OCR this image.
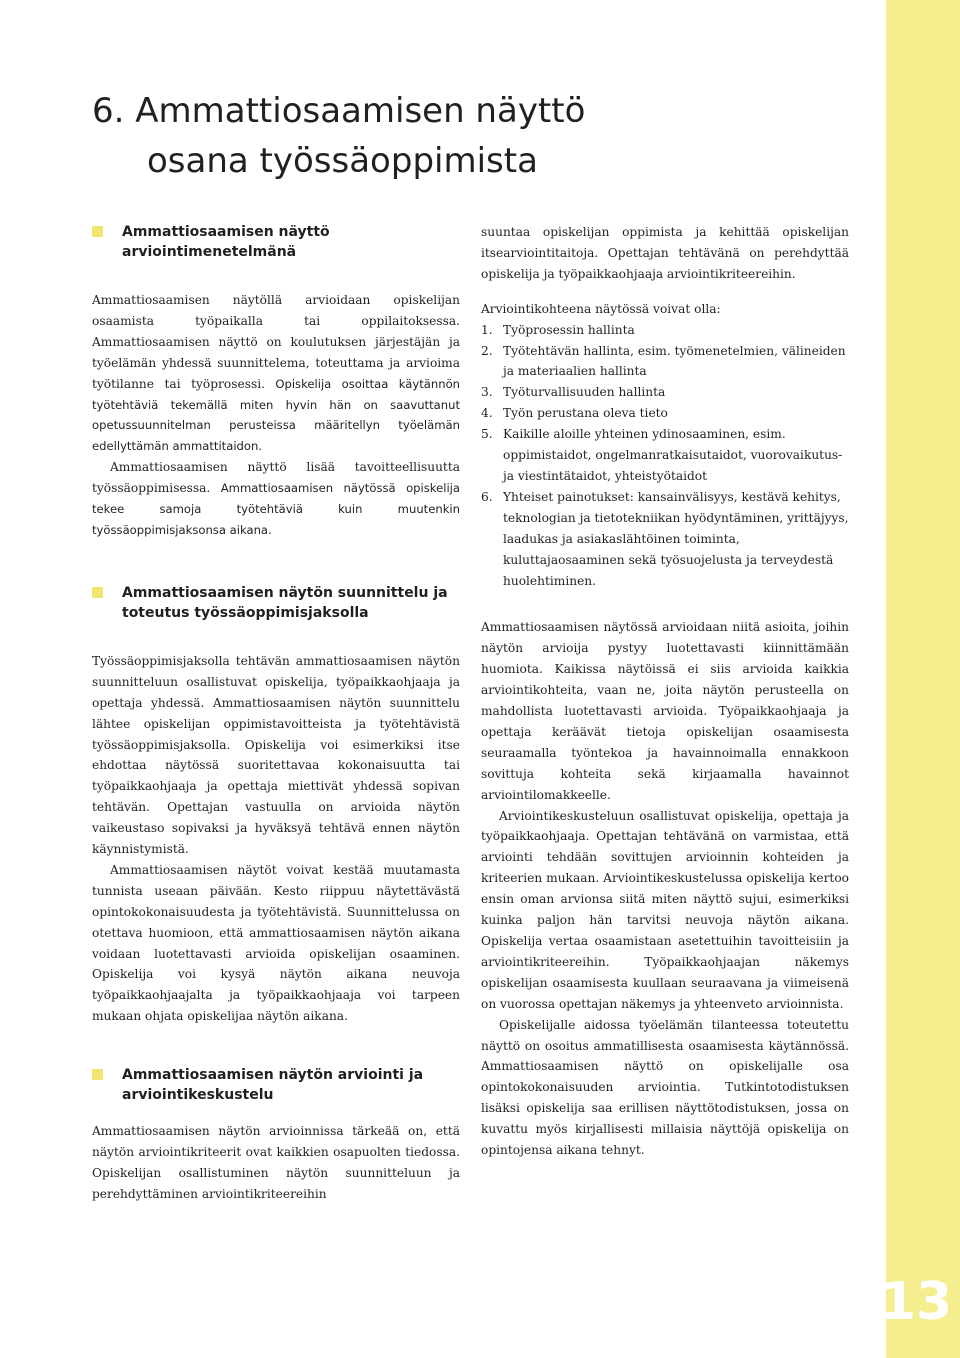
13
6. Ammattiosaamisen näyttö
osana työssäoppimista
Ammattiosaamisen näyttö
arviointimenetelmänä

Ammattiosaamisen näytöllä arvioidaan opiskelijan osaamista työpaikalla tai oppilaitoksessa. Ammattiosaamisen näyttö on koulutuksen järjestäjän ja työelämän yhdessä suunnittelema, toteuttama ja arvioima työtilanne tai työprosessi. Opiskelija osoittaa käytännön työtehtäviä tekemällä miten hyvin hän on saavuttanut opetussuunnitelman perusteissa määritellyn työelämän edellyttämän ammattitaidon.

Ammattiosaamisen näyttö lisää tavoitteellisuutta työssäoppimisessa. Ammattiosaamisen näytössä opiskelija tekee samoja työtehtäviä kuin muutenkin työssäoppimisjaksonsa aikana.

Ammattiosaamisen näytön suunnittelu ja
toteutus työssäoppimisjaksolla

Työssäoppimisjaksolla tehtävän ammattiosaamisen näytön suunnitteluun osallistuvat opiskelija, työpaikkaohjaaja ja opettaja yhdessä. Ammattiosaamisen näytön suunnittelu lähtee opiskelijan oppimistavoitteista ja työtehtävistä työssäoppimisjaksolla. Opiskelija voi esimerkiksi itse ehdottaa näytössä suoritettavaa kokonaisuutta tai työpaikkaohjaaja ja opettaja miettivät yhdessä sopivan tehtävän. Opettajan vastuulla on arvioida näytön vaikeustaso sopivaksi ja hyväksyä tehtävä ennen näytön käynnistymistä.

Ammattiosaamisen näytöt voivat kestää muutamasta tunnista useaan päivään. Kesto riippuu näytettävästä opintokokonaisuudesta ja työtehtävistä. Suunnittelussa on otettava huomioon, että ammattiosaamisen näytön aikana voidaan luotettavasti arvioida opiskelijan osaaminen. Opiskelija voi kysyä näytön aikana neuvoja työpaikkaohjaajalta ja työpaikkaohjaaja voi tarpeen mukaan ohjata opiskelijaa näytön aikana.

Ammattiosaamisen näytön arviointi ja
arviointikeskustelu

Ammattiosaamisen näytön arvioinnissa tärkeää on, että näytön arviointikriteerit ovat kaikkien osapuolten tiedossa. Opiskelijan osallistuminen näytön suunnitteluun ja perehdyttäminen arviointikriteereihin

suuntaa opiskelijan oppimista ja kehittää opiskelijan itsearviointitaitoja. Opettajan tehtävänä on perehdyttää opiskelija ja työpaikkaohjaaja arviointikriteereihin.

Arviointikohteena näytössä voivat olla:

1. Työprosessin hallinta
2. Työtehtävän hallinta, esim. työmenetelmien, välineiden ja materiaalien hallinta
3. Työturvallisuuden hallinta
4. Työn perustana oleva tieto
5. Kaikille aloille yhteinen ydinosaaminen, esim. oppimistaidot, ongelmanratkaisutaidot, vuorovaikutus- ja viestintätaidot, yhteistyötaidot
6. Yhteiset painotukset: kansainvälisyys, kestävä kehitys, teknologian ja tietotekniikan hyödyntäminen, yrittäjyys, laadukas ja asiakaslähtöinen toiminta, kuluttajaosaaminen sekä työsuojelusta ja terveydestä huolehtiminen.

Ammattiosaamisen näytössä arvioidaan niitä asioita, joihin näytön arvioija pystyy luotettavasti kiinnittämään huomiota. Kaikissa näytöissä ei siis arvioida kaikkia arviointikohteita, vaan ne, joita näytön perusteella on mahdollista luotettavasti arvioida. Työpaikkaohjaaja ja opettaja keräävät tietoja opiskelijan osaamisesta seuraamalla työntekoa ja havainnoimalla ennakkoon sovittuja kohteita sekä kirjaamalla havainnot arviointilomakkeelle.

Arviointikeskusteluun osallistuvat opiskelija, opettaja ja työpaikkaohjaaja. Opettajan tehtävänä on varmistaa, että arviointi tehdään sovittujen arvioinnin kohteiden ja kriteerien mukaan. Arviointikeskustelussa opiskelija kertoo ensin oman arvionsa siitä miten näyttö sujui, esimerkiksi kuinka paljon hän tarvitsi neuvoja näytön aikana. Opiskelija vertaa osaamistaan asetettuihin tavoitteisiin ja arviointikriteereihin. Työpaikkaohjaajan näkemys opiskelijan osaamisesta kuullaan seuraavana ja viimeisenä on vuorossa opettajan näkemys ja yhteenveto arvioinnista.

Opiskelijalle aidossa työelämän tilanteessa toteutettu näyttö on osoitus ammatillisesta osaamisesta käytännössä. Ammattiosaamisen näyttö on opiskelijalle osa opintokokonaisuuden arviointia. Tutkintotodistuksen lisäksi opiskelija saa erillisen näyttötodistuksen, jossa on kuvattu myös kirjallisesti millaisia näyttöjä opiskelija on opintojensa aikana tehnyt.
